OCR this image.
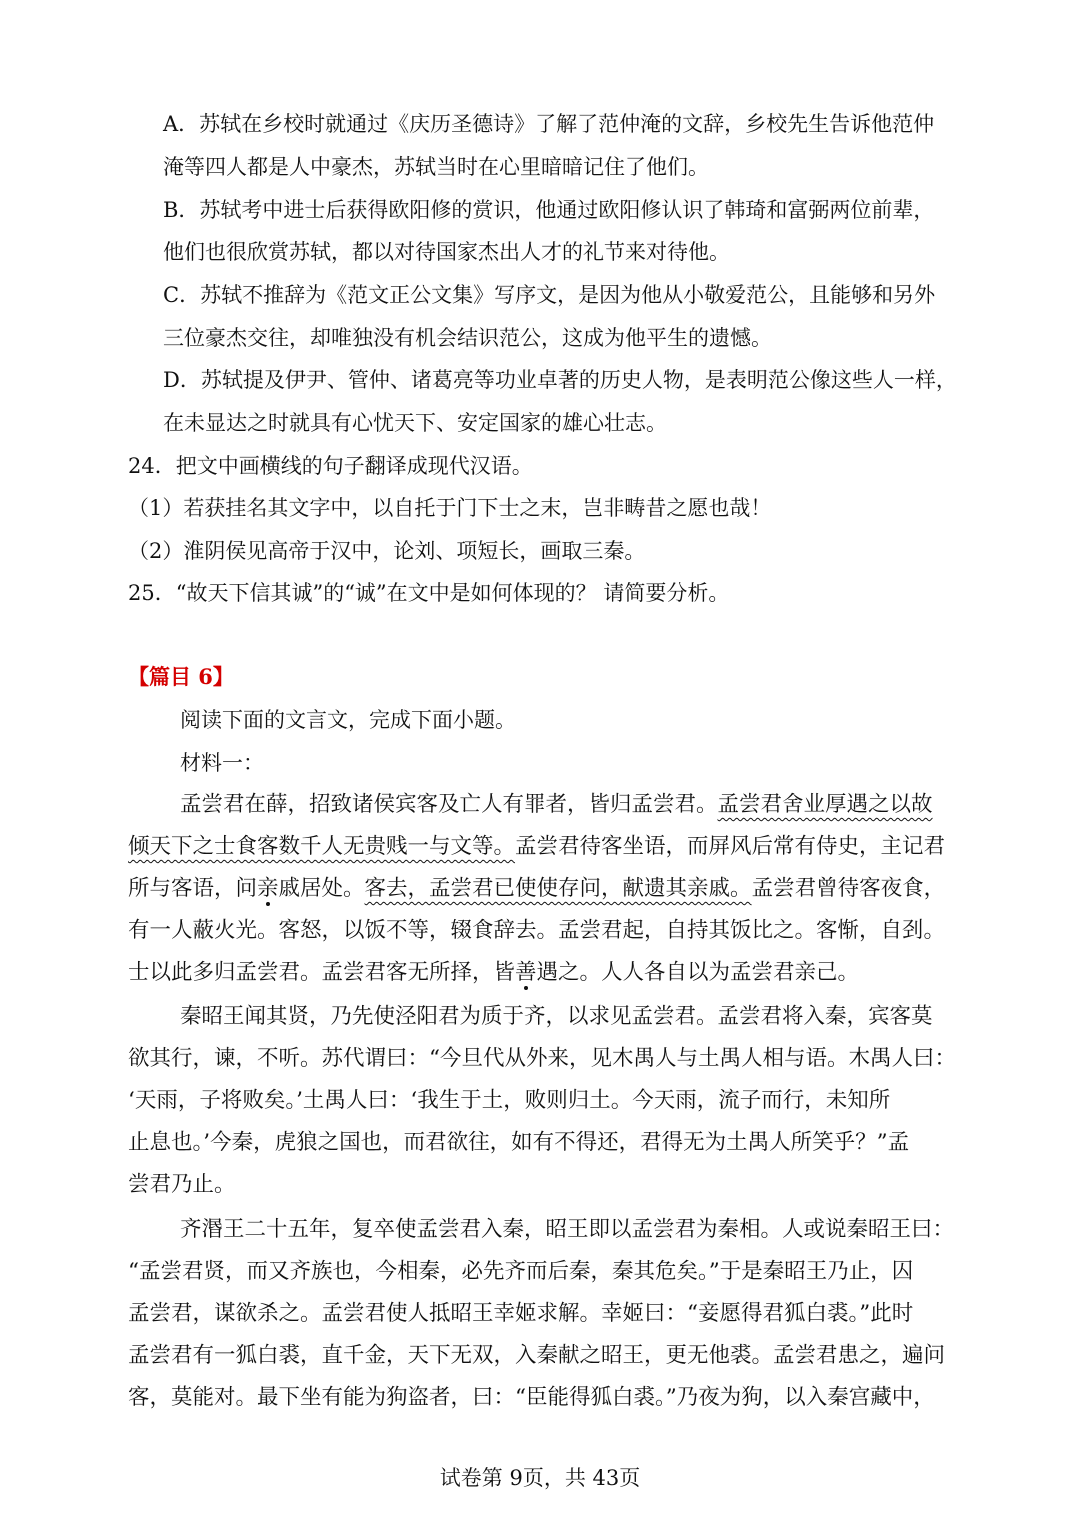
A．苏轼在乡校时就通过《庆历圣德诗》了解了范仲淹的文辞，乡校先生告诉他范仲
淹等四人都是人中豪杰，苏轼当时在心里暗暗记住了他们。
B．苏轼考中进士后获得欧阳修的赏识，他通过欧阳修认识了韩琦和富弼两位前辈，
他们也很欣赏苏轼，都以对待国家杰出人才的礼节来对待他。
C．苏轼不推辞为《范文正公文集》写序文，是因为他从小敬爱范公，且能够和另外
三位豪杰交往，却唯独没有机会结识范公，这成为他平生的遗憾。
D．苏轼提及伊尹、管仲、诸葛亮等功业卓著的历史人物，是表明范公像这些人一样，
在未显达之时就具有心忧天下、安定国家的雄心壮志。
24．把文中画横线的句子翻译成现代汉语。
（1）若获挂名其文字中，以自托于门下士之末，岂非畴昔之愿也哉！
（2）淮阴侯见高帝于汉中，论刘、项短长，画取三秦。
25．“故天下信其诚”的“诚”在文中是如何体现的？ 请简要分析。
【篇目 6】
阅读下面的文言文，完成下面小题。
材料一：
孟尝君在薛，招致诸侯宾客及亡人有罪者，皆归孟尝君。孟尝君舍业厚遇之以故
倾天下之士食客数千人无贵贱一与文等。孟尝君待客坐语，而屏风后常有侍史，主记君
所与客语，问亲戚居处。客去，孟尝君已使使存问，献遗其亲戚。孟尝君曾待客夜食，
有一人蔽火光。客怒，以饭不等，辍食辞去。孟尝君起，自持其饭比之。客惭，自刭。
士以此多归孟尝君。孟尝君客无所择，皆善遇之。人人各自以为孟尝君亲己。
秦昭王闻其贤，乃先使泾阳君为质于齐，以求见孟尝君。孟尝君将入秦，宾客莫
欲其行，谏，不听。苏代谓曰：“今旦代从外来，见木禺人与土禺人相与语。木禺人曰：
‘天雨，子将败矣。’土禺人曰：‘我生于土，败则归土。今天雨，流子而行，未知所
止息也。’今秦，虎狼之国也，而君欲往，如有不得还，君得无为土禺人所笑乎？”孟
尝君乃止。
齐湣王二十五年，复卒使孟尝君入秦，昭王即以孟尝君为秦相。人或说秦昭王曰：
“孟尝君贤，而又齐族也，今相秦，必先齐而后秦，秦其危矣。”于是秦昭王乃止，囚
孟尝君，谋欲杀之。孟尝君使人抵昭王幸姬求解。幸姬曰：“妾愿得君狐白裘。”此时
孟尝君有一狐白裘，直千金，天下无双，入秦献之昭王，更无他裘。孟尝君患之，遍问
客，莫能对。最下坐有能为狗盗者，曰：“臣能得狐白裘。”乃夜为狗，以入秦宫藏中，
试卷第 9页，共 43页
